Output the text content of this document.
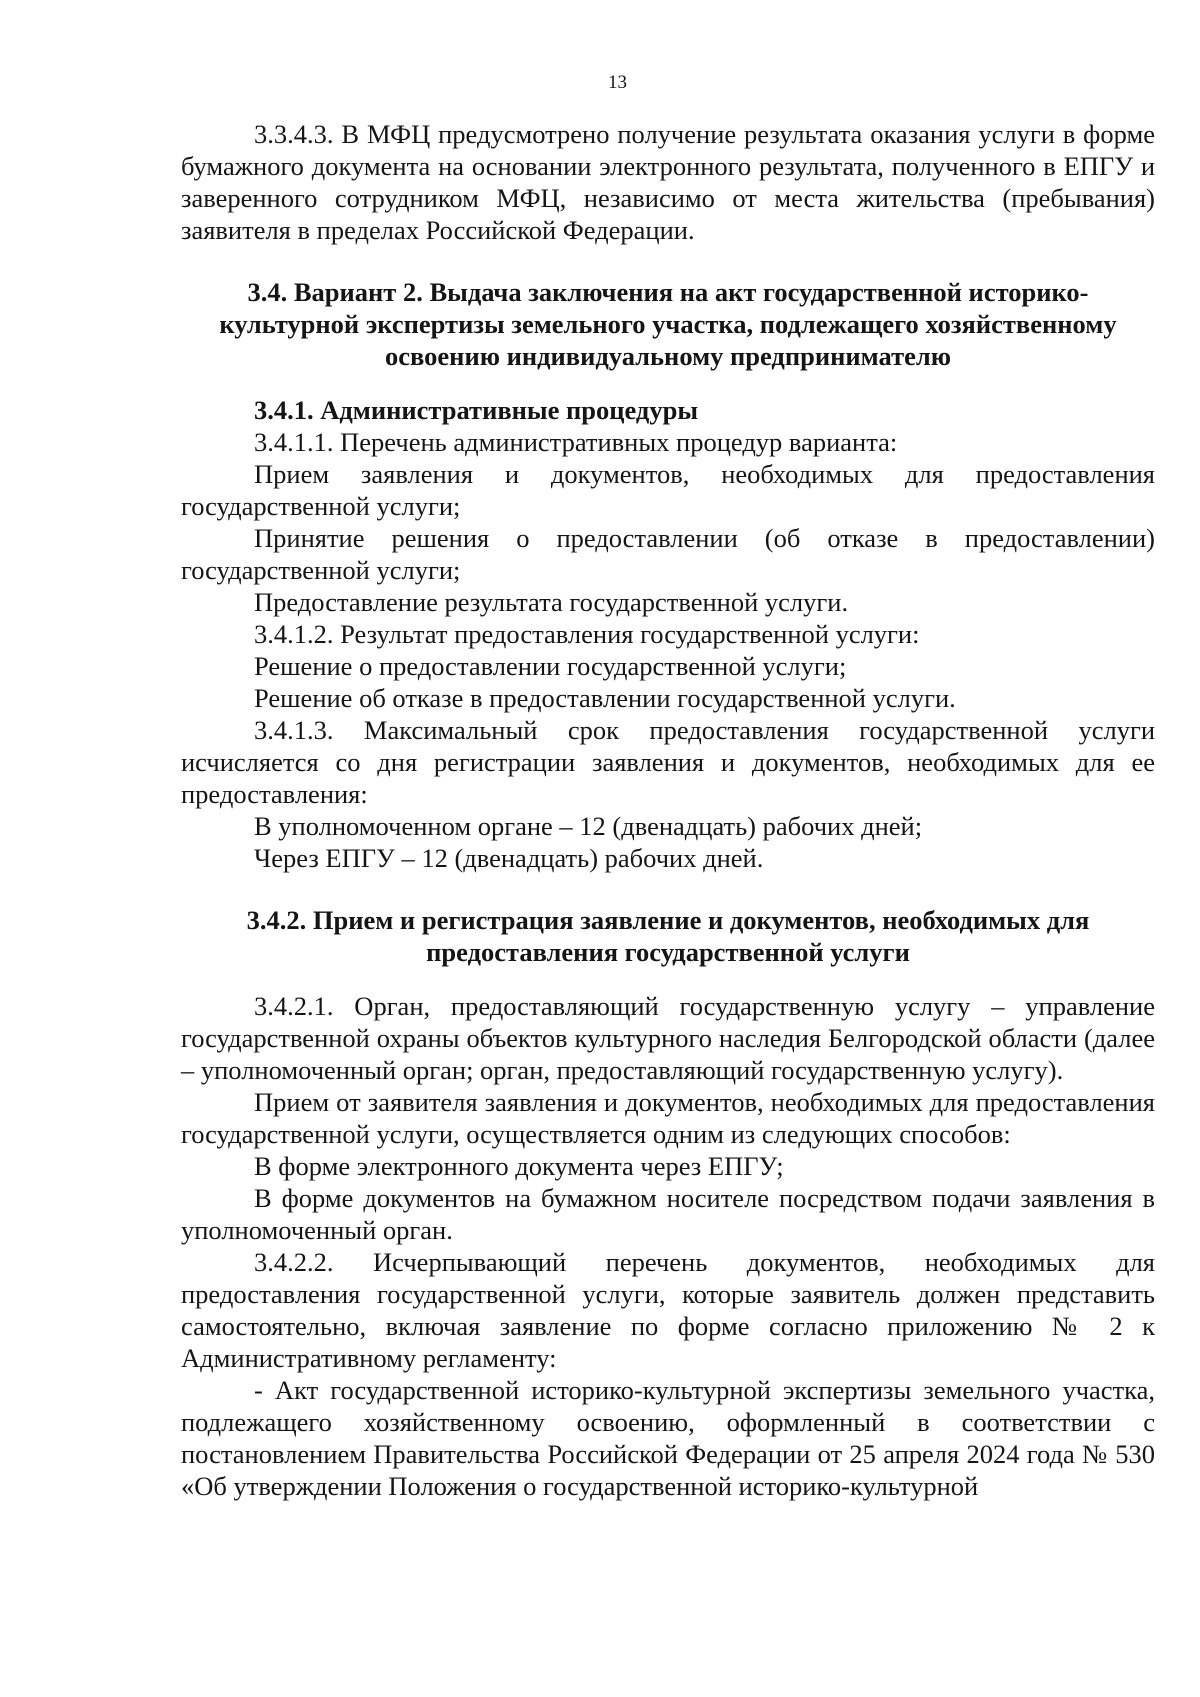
13

3.3.4.3. В МФЦ предусмотрено получение результата оказания услуги в форме бумажного документа на основании электронного результата, полученного в ЕПГУ и заверенного сотрудником МФЦ, независимо от места жительства (пребывания) заявителя в пределах Российской Федерации.

3.4. Вариант 2. Выдача заключения на акт государственной историко-культурной экспертизы земельного участка, подлежащего хозяйственному освоению индивидуальному предпринимателю

3.4.1. Административные процедуры

3.4.1.1. Перечень административных процедур варианта:

Прием заявления и документов, необходимых для предоставления государственной услуги;

Принятие решения о предоставлении (об отказе в предоставлении) государственной услуги;

Предоставление результата государственной услуги.

3.4.1.2. Результат предоставления государственной услуги:

Решение о предоставлении государственной услуги;

Решение об отказе в предоставлении государственной услуги.

3.4.1.3. Максимальный срок предоставления государственной услуги исчисляется со дня регистрации заявления и документов, необходимых для ее предоставления:

В уполномоченном органе – 12 (двенадцать) рабочих дней;

Через ЕПГУ – 12 (двенадцать) рабочих дней.

3.4.2. Прием и регистрация заявление и документов, необходимых для предоставления государственной услуги

3.4.2.1. Орган, предоставляющий государственную услугу – управление государственной охраны объектов культурного наследия Белгородской области (далее – уполномоченный орган; орган, предоставляющий государственную услугу).

Прием от заявителя заявления и документов, необходимых для предоставления государственной услуги, осуществляется одним из следующих способов:

В форме электронного документа через ЕПГУ;

В форме документов на бумажном носителе посредством подачи заявления в уполномоченный орган.

3.4.2.2. Исчерпывающий перечень документов, необходимых для предоставления государственной услуги, которые заявитель должен представить самостоятельно, включая заявление по форме согласно приложению № 2 к Административному регламенту:

- Акт государственной историко-культурной экспертизы земельного участка, подлежащего хозяйственному освоению, оформленный в соответствии с постановлением Правительства Российской Федерации от 25 апреля 2024 года № 530 «Об утверждении Положения о государственной историко-культурной
